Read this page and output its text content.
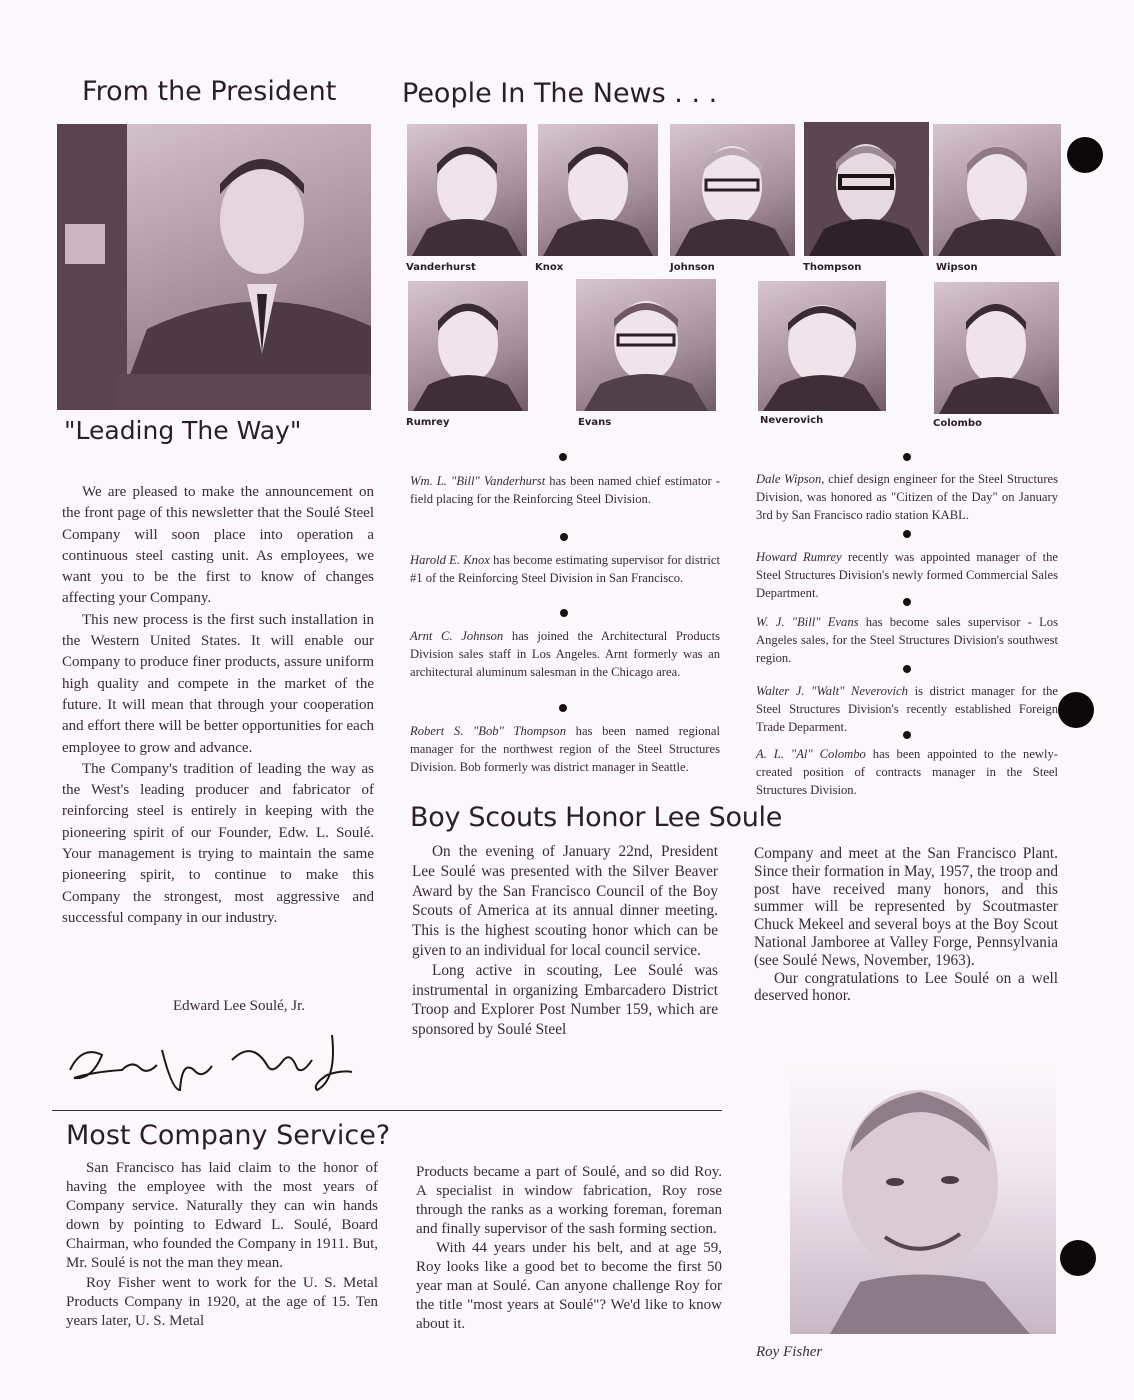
From the President
"Leading The Way"

We are pleased to make the announcement on the front page of this newsletter that the Soulé Steel Company will soon place into operation a continuous steel casting unit. As employees, we want you to be the first to know of changes affecting your Company.

This new process is the first such installation in the Western United States. It will enable our Company to produce finer products, assure uniform high quality and compete in the market of the future. It will mean that through your cooperation and effort there will be better opportunities for each employee to grow and advance.

The Company's tradition of leading the way as the West's leading producer and fabricator of reinforcing steel is entirely in keeping with the pioneering spirit of our Founder, Edw. L. Soulé. Your management is trying to maintain the same pioneering spirit, to continue to make this Company the strongest, most aggressive and successful company in our industry.

Edward Lee Soulé, Jr.
People In The News . . .
Vanderhurst	Knox	Johnson	Thompson	Wipson
Rumrey	Evans	Neverovich	Colombo
Wm. L. "Bill" Vanderhurst has been named chief estimator - field placing for the Reinforcing Steel Division.
Harold E. Knox has become estimating supervisor for district #1 of the Reinforcing Steel Division in San Francisco.
Arnt C. Johnson has joined the Architectural Products Division sales staff in Los Angeles. Arnt formerly was an architectural aluminum salesman in the Chicago area.
Robert S. "Bob" Thompson has been named regional manager for the northwest region of the Steel Structures Division. Bob formerly was district manager in Seattle.
Dale Wipson, chief design engineer for the Steel Structures Division, was honored as "Citizen of the Day" on January 3rd by San Francisco radio station KABL.
Howard Rumrey recently was appointed manager of the Steel Structures Division's newly formed Commercial Sales Department.
W. J. "Bill" Evans has become sales supervisor - Los Angeles sales, for the Steel Structures Division's southwest region.
Walter J. "Walt" Neverovich is district manager for the Steel Structures Division's recently established Foreign Trade Deparment.
A. L. "Al" Colombo has been appointed to the newly-created position of contracts manager in the Steel Structures Division.
Boy Scouts Honor Lee Soule

On the evening of January 22nd, President Lee Soulé was presented with the Silver Beaver Award by the San Francisco Council of the Boy Scouts of America at its annual dinner meeting. This is the highest scouting honor which can be given to an individual for local council service.

Long active in scouting, Lee Soulé was instrumental in organizing Embarcadero District Troop and Explorer Post Number 159, which are sponsored by Soulé Steel

Company and meet at the San Francisco Plant. Since their formation in May, 1957, the troop and post have received many honors, and this summer will be represented by Scoutmaster Chuck Mekeel and several boys at the Boy Scout National Jamboree at Valley Forge, Pennsylvania (see Soulé News, November, 1963).

Our congratulations to Lee Soulé on a well deserved honor.

Most Company Service?

San Francisco has laid claim to the honor of having the employee with the most years of Company service. Naturally they can win hands down by pointing to Edward L. Soulé, Board Chairman, who founded the Company in 1911. But, Mr. Soulé is not the man they mean.

Roy Fisher went to work for the U. S. Metal Products Company in 1920, at the age of 15. Ten years later, U. S. Metal

Products became a part of Soulé, and so did Roy. A specialist in window fabrication, Roy rose through the ranks as a working foreman, foreman and finally supervisor of the sash forming section.

With 44 years under his belt, and at age 59, Roy looks like a good bet to become the first 50 year man at Soulé. Can anyone challenge Roy for the title "most years at Soulé"? We'd like to know about it.

Roy Fisher
